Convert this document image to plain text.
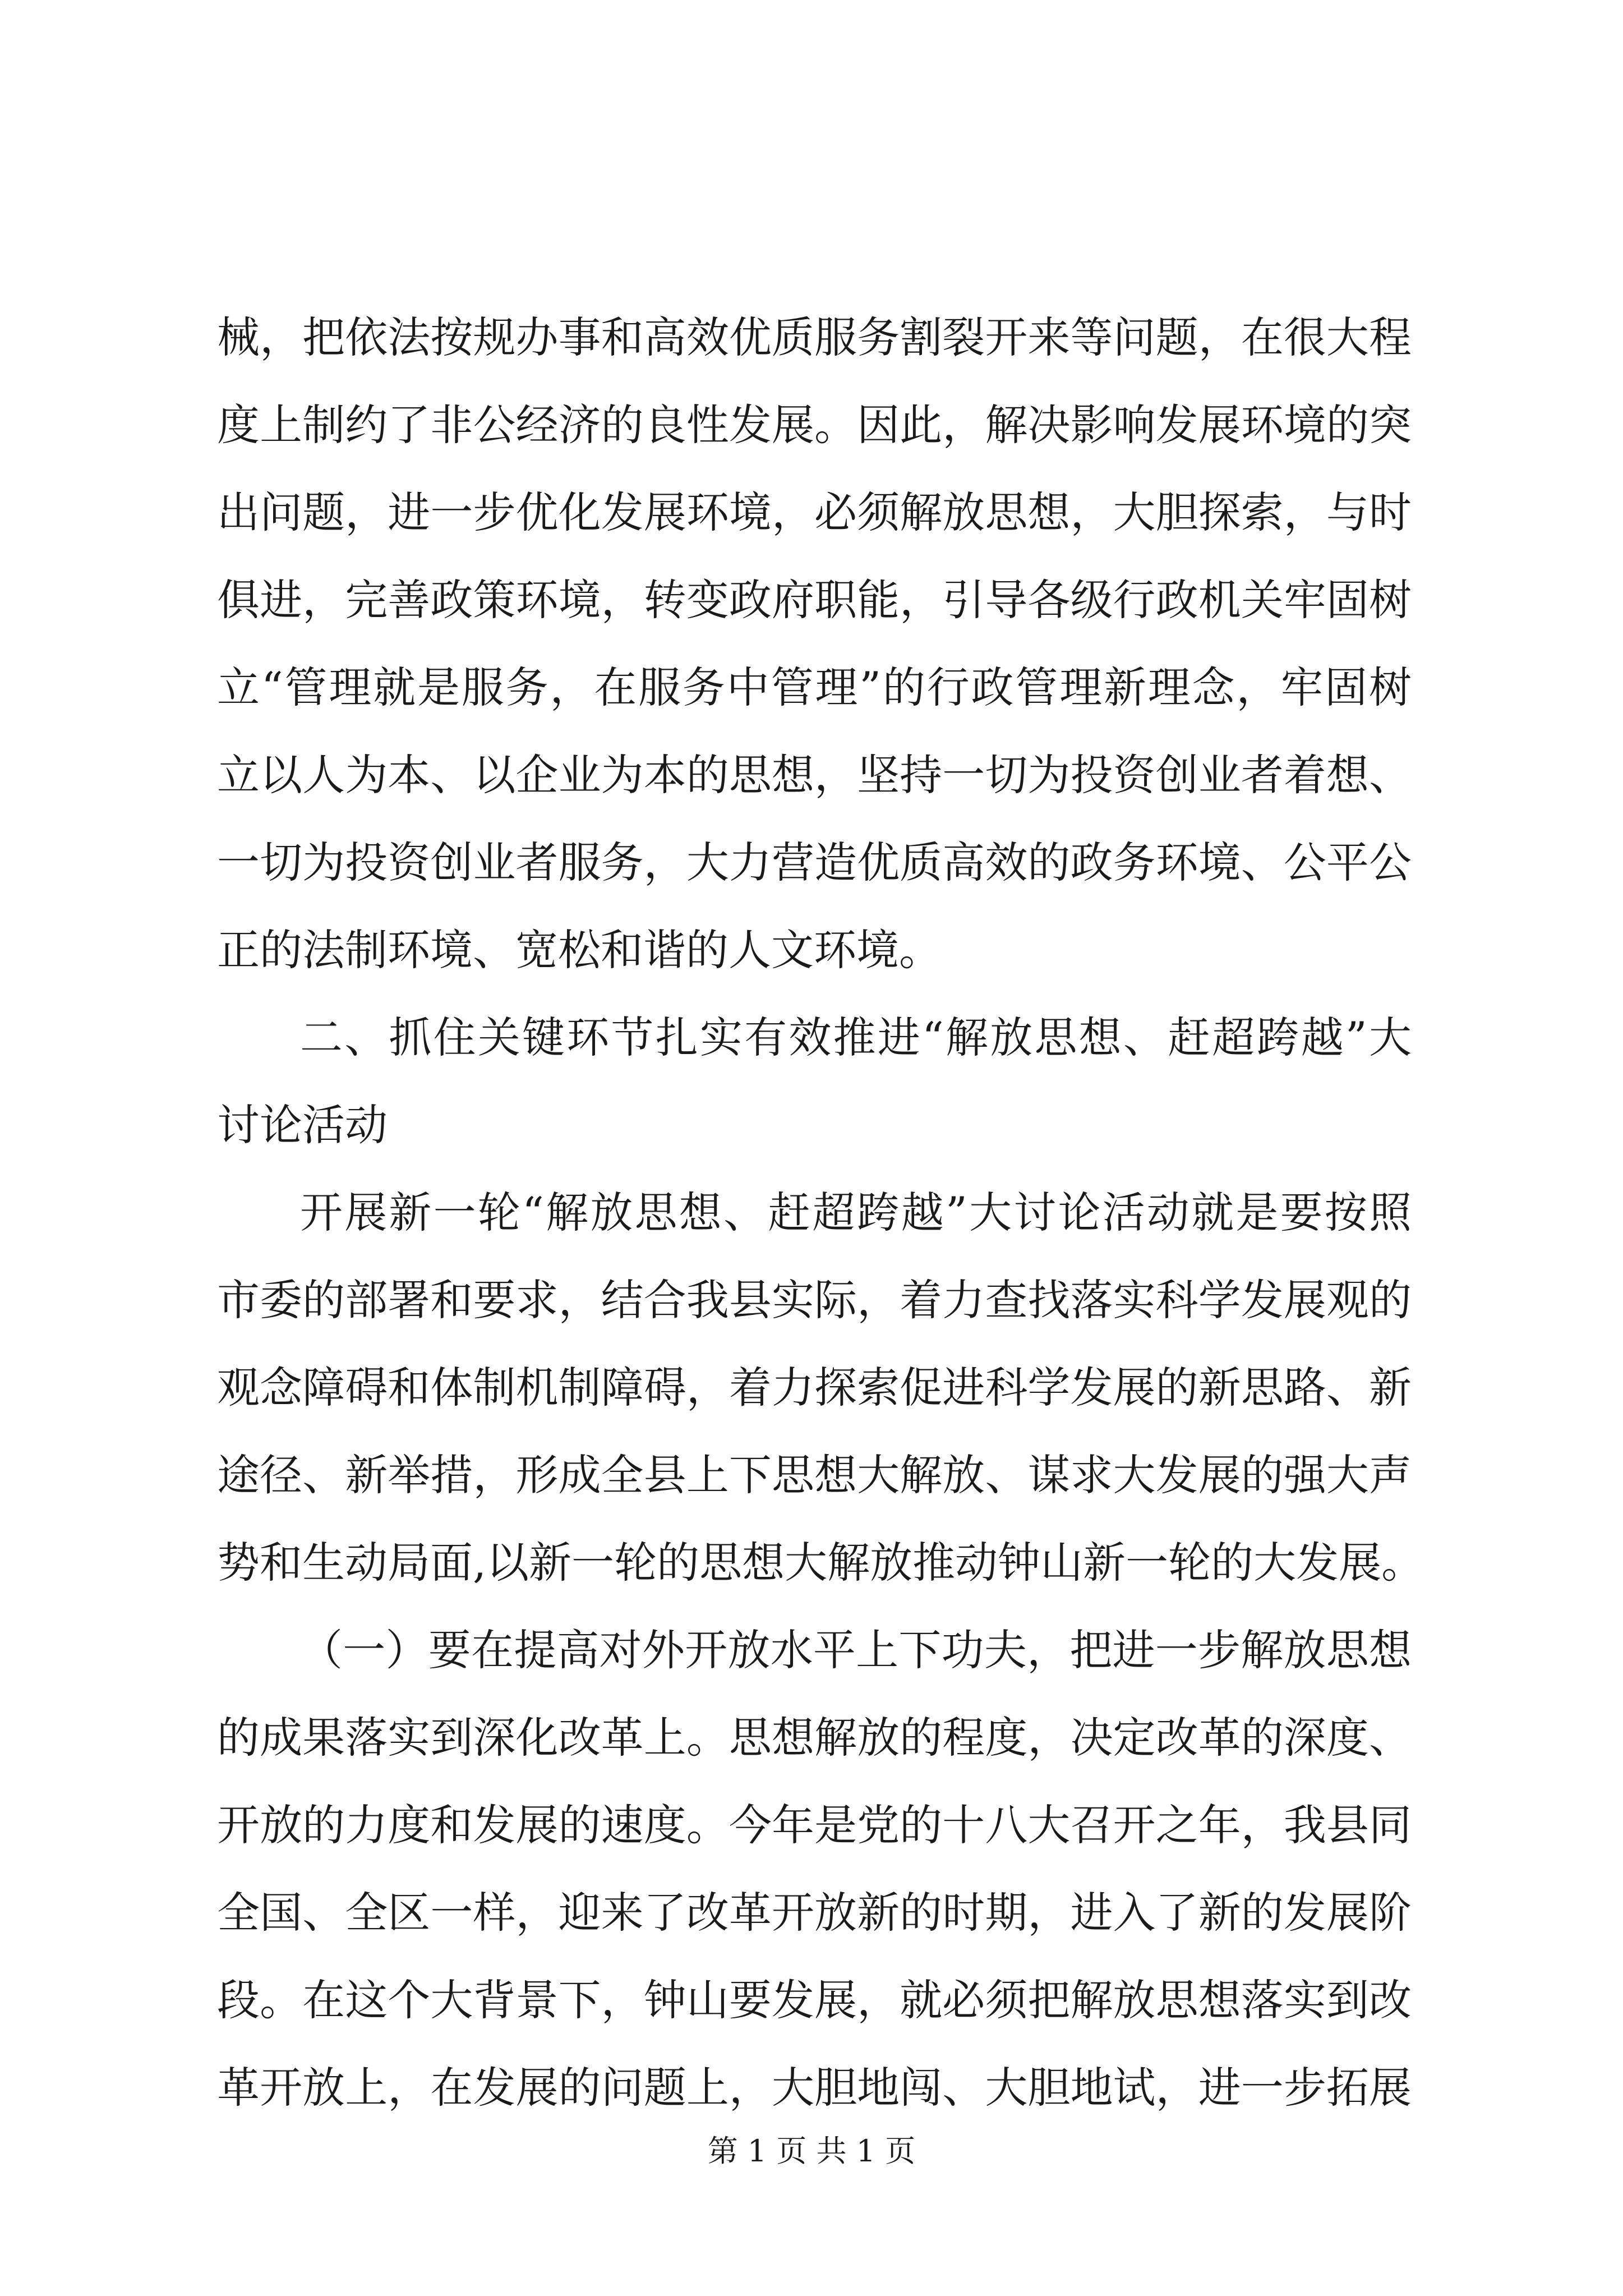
械，把依法按规办事和高效优质服务割裂开来等问题，在很大程
度上制约了非公经济的良性发展。因此，解决影响发展环境的突
出问题，进一步优化发展环境，必须解放思想，大胆探索，与时
俱进，完善政策环境，转变政府职能，引导各级行政机关牢固树
立“管理就是服务，在服务中管理”的行政管理新理念，牢固树
立以人为本、以企业为本的思想，坚持一切为投资创业者着想、
一切为投资创业者服务，大力营造优质高效的政务环境、公平公
正的法制环境、宽松和谐的人文环境。
二、抓住关键环节扎实有效推进“解放思想、赶超跨越”大
讨论活动
开展新一轮“解放思想、赶超跨越”大讨论活动就是要按照
市委的部署和要求，结合我县实际，着力查找落实科学发展观的
观念障碍和体制机制障碍，着力探索促进科学发展的新思路、新
途径、新举措，形成全县上下思想大解放、谋求大发展的强大声
势和生动局面,以新一轮的思想大解放推动钟山新一轮的大发展。
（一）要在提高对外开放水平上下功夫，把进一步解放思想
的成果落实到深化改革上。思想解放的程度，决定改革的深度、
开放的力度和发展的速度。今年是党的十八大召开之年，我县同
全国、全区一样，迎来了改革开放新的时期，进入了新的发展阶
段。在这个大背景下，钟山要发展，就必须把解放思想落实到改
革开放上，在发展的问题上，大胆地闯、大胆地试，进一步拓展
第 1 页 共 1 页
